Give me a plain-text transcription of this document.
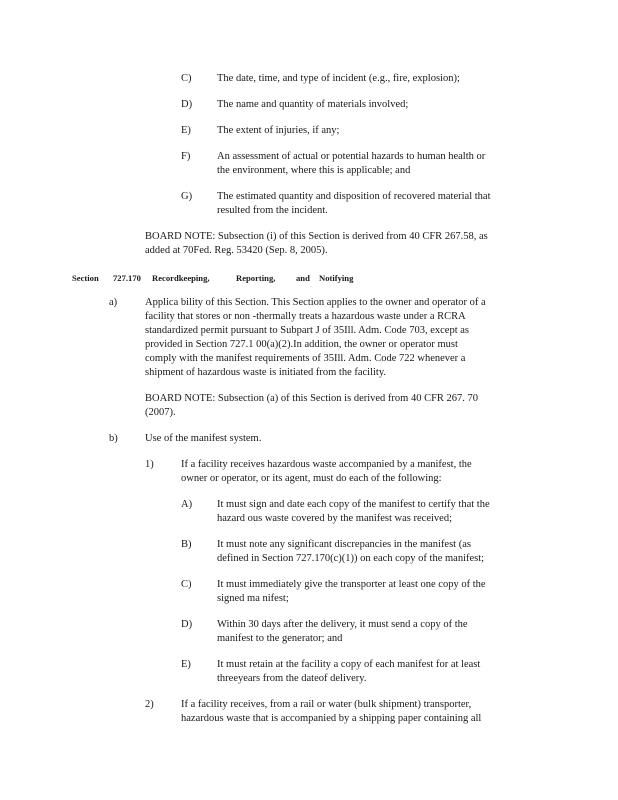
C) The date, time, and type of incident (e.g., fire, explosion);
D) The name and quantity of materials involved;
E) The extent of injuries, if any;
F)	An assessment of actual or potential hazards to human health or
the environment, where this is applicable; and
G) The estimated quantity and disposition of recovered material that
resulted from the incident.
BOARD NOTE: Subsection (i) of this Section is derived from 40 CFR 267.58, as
added at 70Fed. Reg. 53420 (Sep. 8, 2005).
Section 727.170 Recordkeeping,	Reporting, and Notifying
a)	Applica bility of this Section. This Section applies to the owner and operator of a
facility that stores or non -thermally treats a hazardous waste under a RCRA
standardized permit pursuant to Subpart J of 35Ill. Adm. Code 703, except as
provided in Section 727.1 00(a)(2).In addition, the owner or operator must
comply with the manifest requirements of 35Ill. Adm. Code 722 whenever a
shipment of hazardous waste is initiated from the facility.
BOARD NOTE: Subsection (a) of this Section is derived from 40 CFR 267. 70
(2007).
b)	Use of the manifest system.
1)	If a facility receives hazardous waste accompanied by a manifest, the
owner or operator, or its agent, must do each of the following:
A) It must sign and date each copy of the manifest to certify that the
hazard ous waste covered by the manifest was received;
B) It must note any significant discrepancies in the manifest (as
defined in Section 727.170(c)(1)) on each copy of the manifest;
C) It must immediately give the transporter at least one copy of the
signed ma nifest;
D) Within 30 days after the delivery, it must send a copy of the
manifest to the generator; and
E) It must retain at the facility a copy of each manifest for at least
threeyears from the dateof delivery.
2)	If a facility receives, from a rail or water (bulk shipment) transporter,
hazardous waste that is accompanied by a shipping paper containing all
